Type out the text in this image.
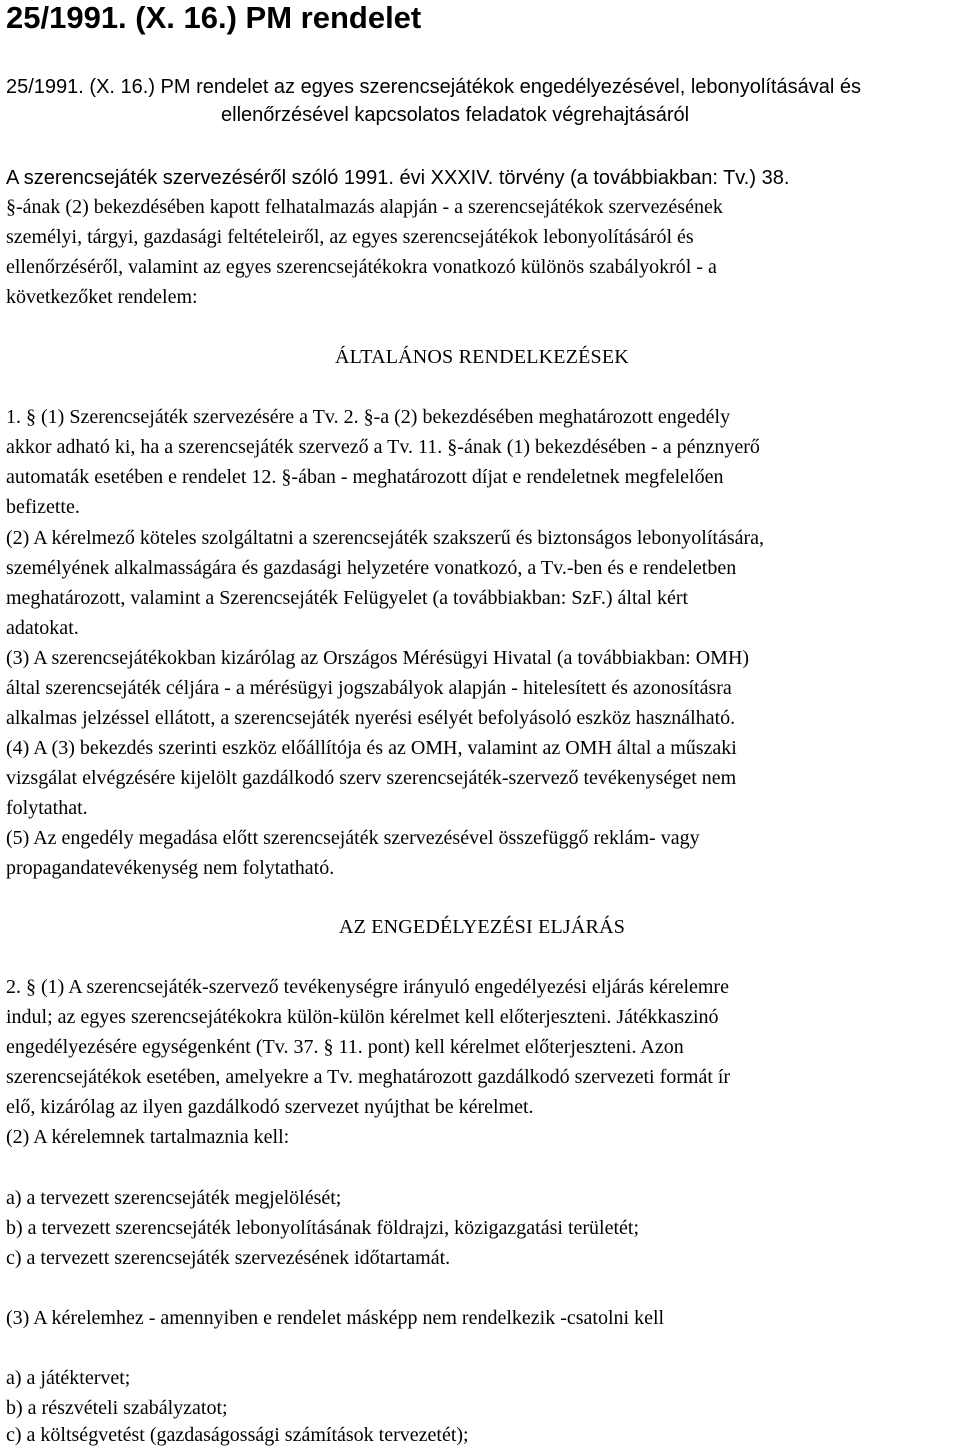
25/1991. (X. 16.) PM rendelet
25/1991. (X. 16.) PM rendelet az egyes szerencsejátékok engedélyezésével, lebonyolításával és
ellenőrzésével kapcsolatos feladatok végrehajtásáról
A szerencsejáték szervezéséről szóló 1991. évi XXXIV. törvény (a továbbiakban: Tv.) 38.
§-ának (2) bekezdésében kapott felhatalmazás alapján - a szerencsejátékok szervezésének
személyi, tárgyi, gazdasági feltételeiről, az egyes szerencsejátékok lebonyolításáról és
ellenőrzéséről, valamint az egyes szerencsejátékokra vonatkozó különös szabályokról - a
következőket rendelem:
ÁLTALÁNOS RENDELKEZÉSEK
1. § (1) Szerencsejáték szervezésére a Tv. 2. §-a (2) bekezdésében meghatározott engedély
akkor adható ki, ha a szerencsejáték szervező a Tv. 11. §-ának (1) bekezdésében - a pénznyerő
automaták esetében e rendelet 12. §-ában - meghatározott díjat e rendeletnek megfelelően
befizette.
(2) A kérelmező köteles szolgáltatni a szerencsejáték szakszerű és biztonságos lebonyolítására,
személyének alkalmasságára és gazdasági helyzetére vonatkozó, a Tv.-ben és e rendeletben
meghatározott, valamint a Szerencsejáték Felügyelet (a továbbiakban: SzF.) által kért
adatokat.
(3) A szerencsejátékokban kizárólag az Országos Mérésügyi Hivatal (a továbbiakban: OMH)
által szerencsejáték céljára - a mérésügyi jogszabályok alapján - hitelesített és azonosításra
alkalmas jelzéssel ellátott, a szerencsejáték nyerési esélyét befolyásoló eszköz használható.
(4) A (3) bekezdés szerinti eszköz előállítója és az OMH, valamint az OMH által a műszaki
vizsgálat elvégzésére kijelölt gazdálkodó szerv szerencsejáték-szervező tevékenységet nem
folytathat.
(5) Az engedély megadása előtt szerencsejáték szervezésével összefüggő reklám- vagy
propagandatevékenység nem folytatható.
AZ ENGEDÉLYEZÉSI ELJÁRÁS
2. § (1) A szerencsejáték-szervező tevékenységre irányuló engedélyezési eljárás kérelemre
indul; az egyes szerencsejátékokra külön-külön kérelmet kell előterjeszteni. Játékkaszinó
engedélyezésére egységenként (Tv. 37. § 11. pont) kell kérelmet előterjeszteni. Azon
szerencsejátékok esetében, amelyekre a Tv. meghatározott gazdálkodó szervezeti formát ír
elő, kizárólag az ilyen gazdálkodó szervezet nyújthat be kérelmet.
(2) A kérelemnek tartalmaznia kell:
a) a tervezett szerencsejáték megjelölését;
b) a tervezett szerencsejáték lebonyolításának földrajzi, közigazgatási területét;
c) a tervezett szerencsejáték szervezésének időtartamát.
(3) A kérelemhez - amennyiben e rendelet másképp nem rendelkezik -csatolni kell
a) a játéktervet;
b) a részvételi szabályzatot;
c) a költségvetést (gazdaságossági számítások tervezetét);
